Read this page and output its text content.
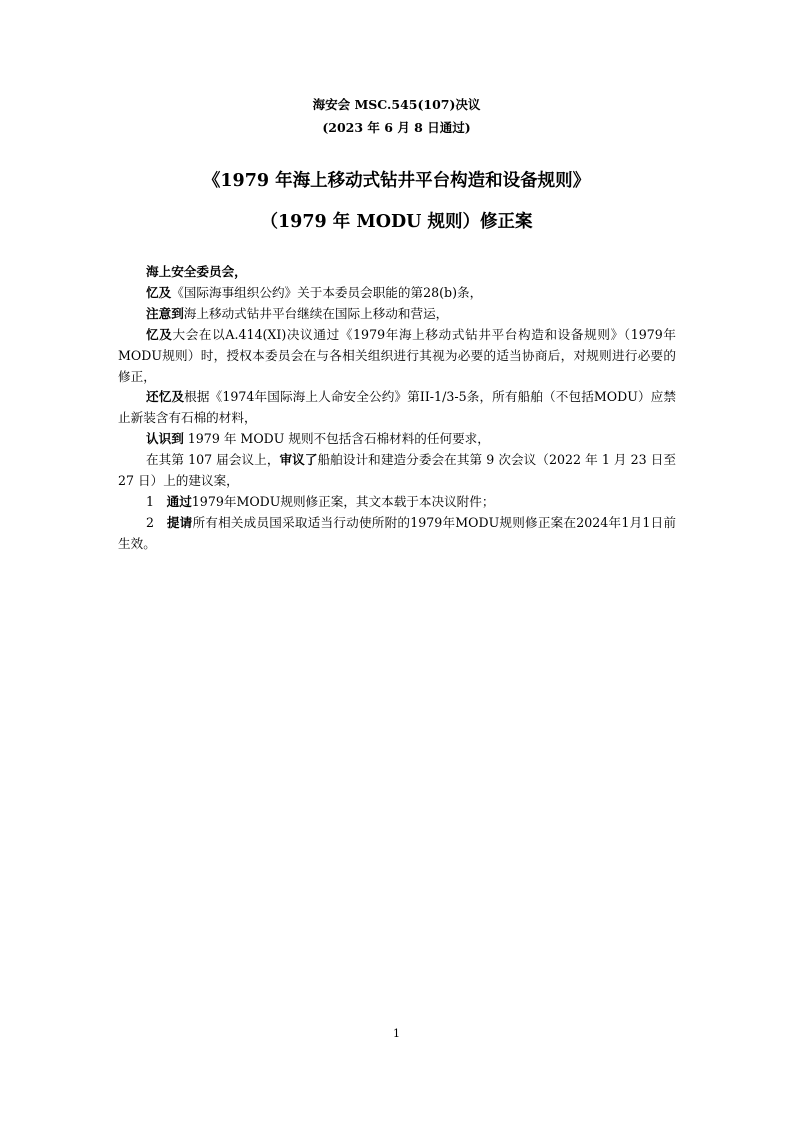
海安会 MSC.545(107)决议
(2023 年 6 月 8 日通过)
《1979 年海上移动式钻井平台构造和设备规则》
（1979 年 MODU 规则）修正案

海上安全委员会，

忆及《国际海事组织公约》关于本委员会职能的第28(b)条，

注意到海上移动式钻井平台继续在国际上移动和营运，

忆及大会在以A.414(XI)决议通过《1979年海上移动式钻井平台构造和设备规则》（1979年MODU规则）时，授权本委员会在与各相关组织进行其视为必要的适当协商后，对规则进行必要的修正，

还忆及根据《1974年国际海上人命安全公约》第II-1/3-5条，所有船舶（不包括MODU）应禁止新装含有石棉的材料，

认识到 1979 年 MODU 规则不包括含石棉材料的任何要求，

在其第 107 届会议上，审议了船舶设计和建造分委会在其第 9 次会议（2022 年 1 月 23 日至 27 日）上的建议案，

1  通过1979年MODU规则修正案，其文本载于本决议附件；

2  提请所有相关成员国采取适当行动使所附的1979年MODU规则修正案在2024年1月1日前生效。

1
